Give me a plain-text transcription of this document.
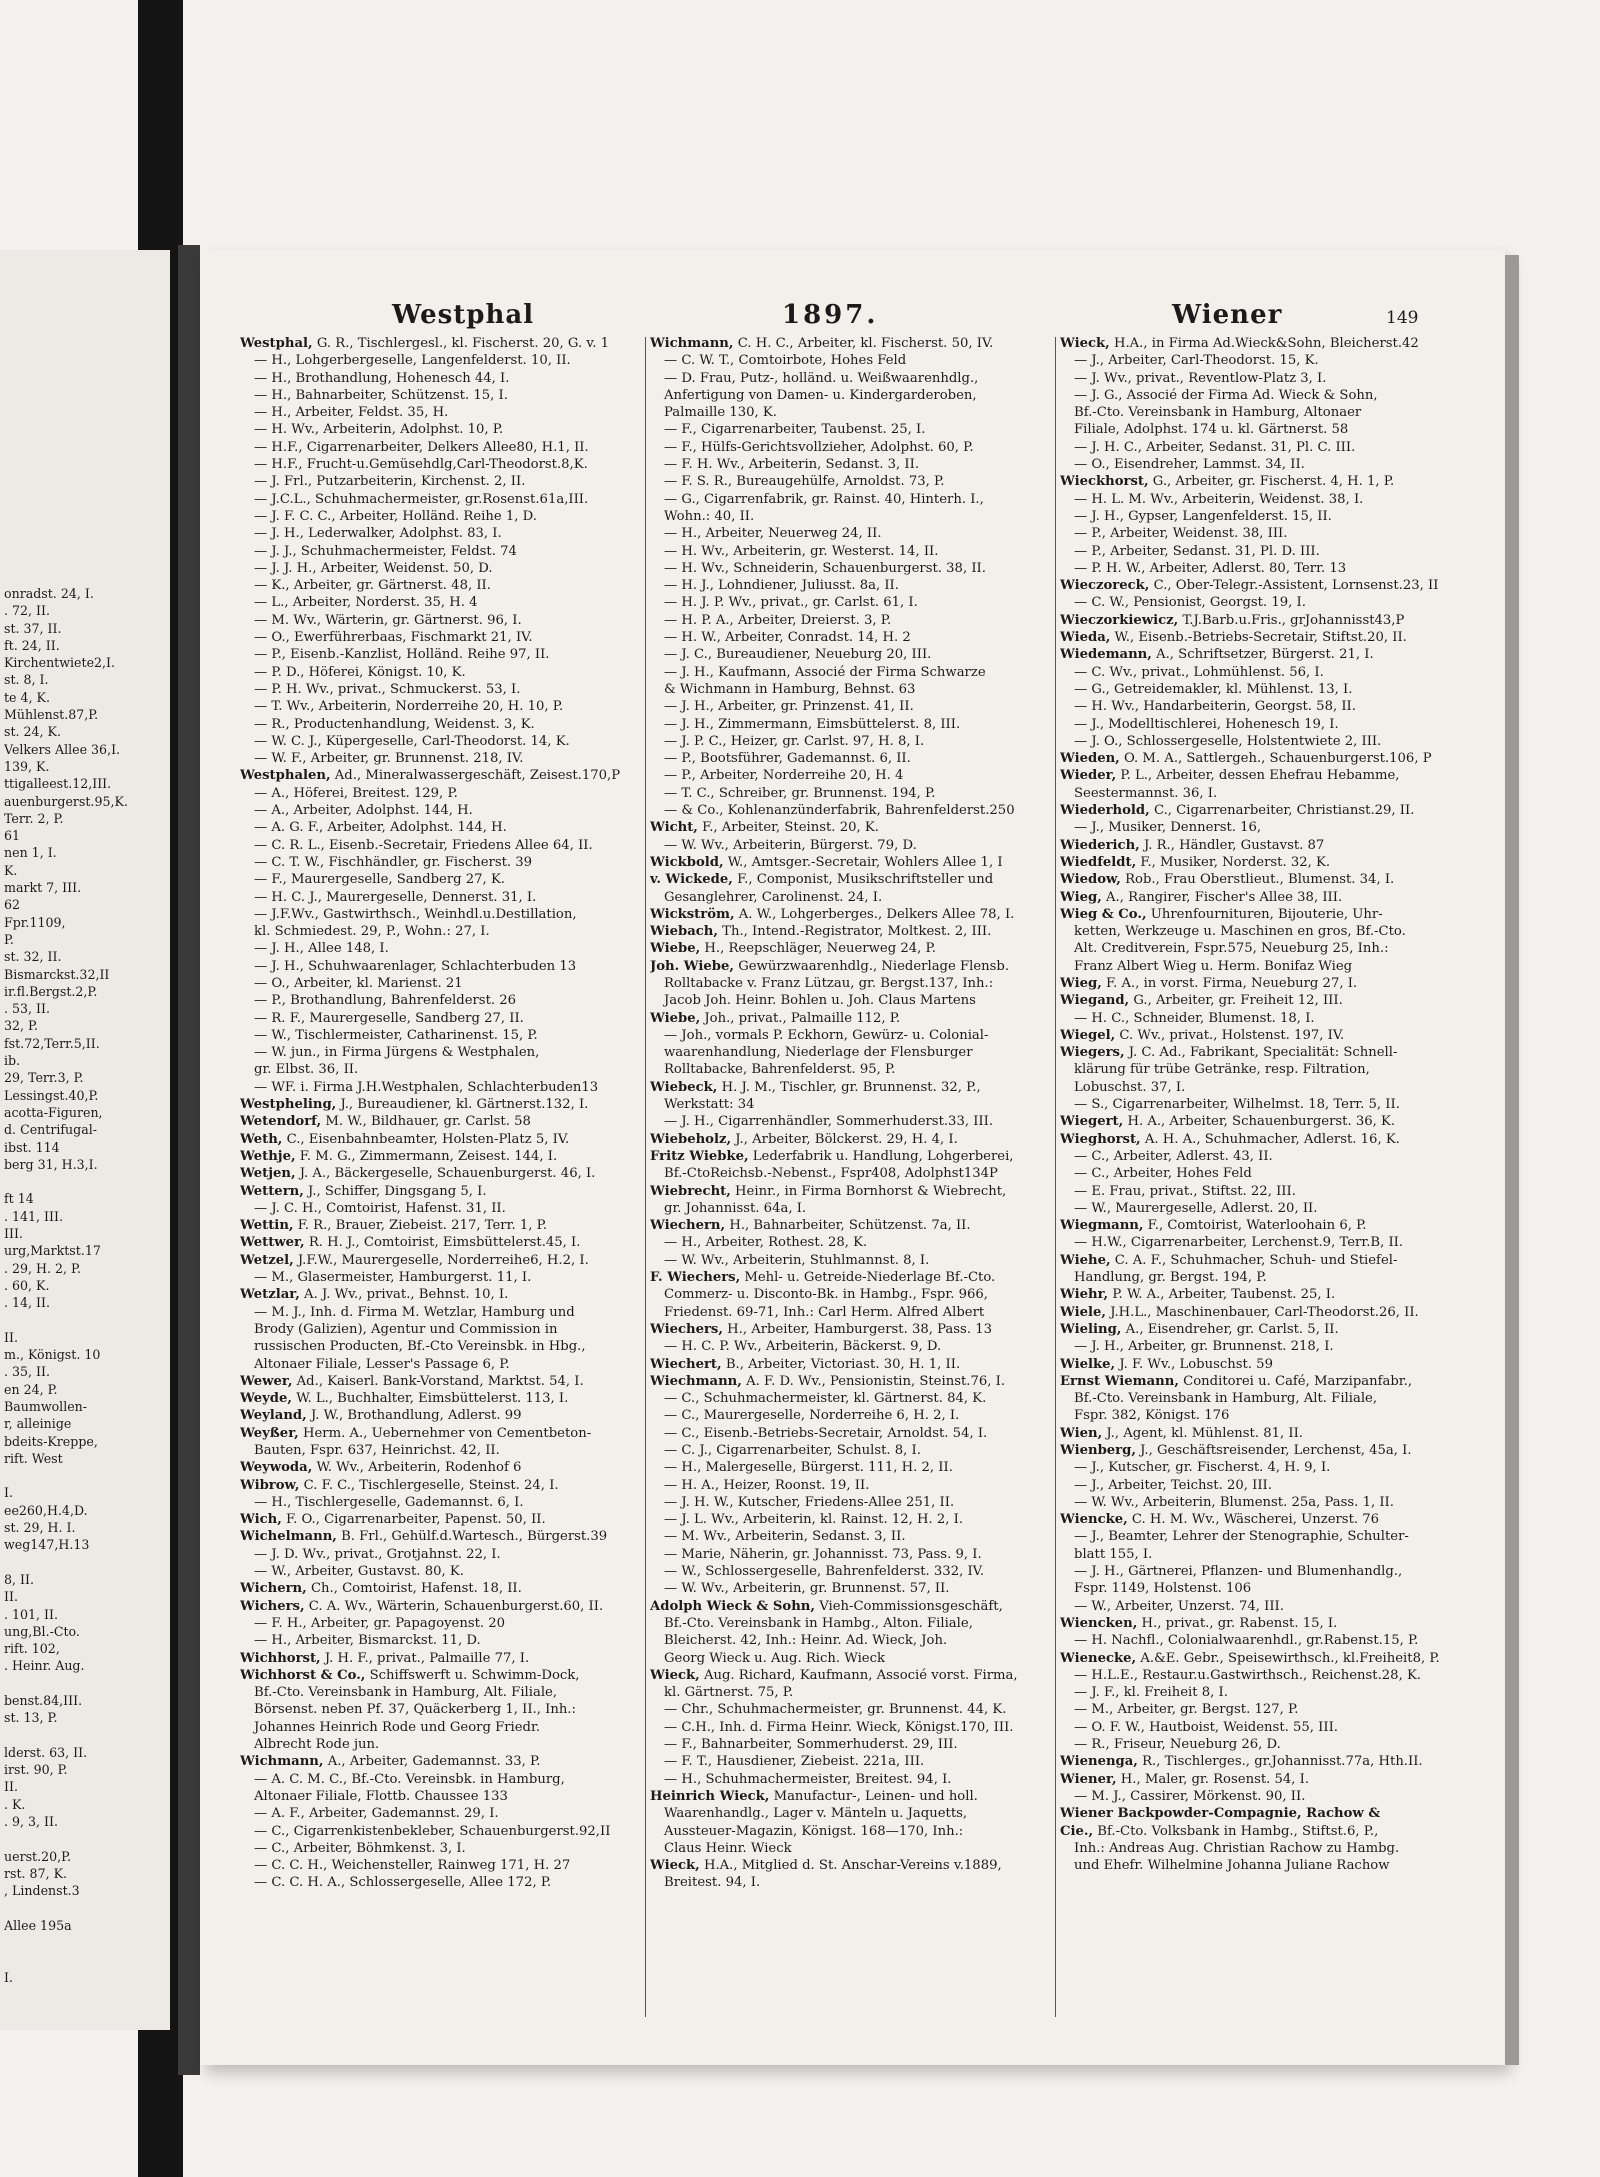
onradst. 24, I.
. 72, II.
st. 37, II.
ft. 24, II.
Kirchentwiete2,I.
st. 8, I.
te 4, K.
Mühlenst.87,P.
st. 24, K.
Velkers Allee 36,I.
139, K.
ttigalleest.12,III.
auenburgerst.95,K.
Terr. 2, P.
61
nen 1, I.
K.
markt 7, III.
62
Fpr.1109,
P.
st. 32, II.
Bismarckst.32,II
ir.fl.Bergst.2,P.
. 53, II.
32, P.
fst.72,Terr.5,II.
ib.
29, Terr.3, P.
Lessingst.40,P.
acotta-Figuren,
d. Centrifugal-
ibst. 114
berg 31, H.3,I.
ft 14
. 141, III.
III.
urg,Marktst.17
. 29, H. 2, P.
. 60, K.
. 14, II.
II.
m., Königst. 10
. 35, II.
en 24, P.
Baumwollen-
r, alleinige
bdeits-Kreppe,
rift. West
I.
ee260,H.4,D.
st. 29, H. I.
weg147,H.13
8, II.
II.
. 101, II.
ung,Bl.-Cto.
rift. 102,
. Heinr. Aug.
benst.84,III.
st. 13, P.
lderst. 63, II.
irst. 90, P.
II.
. K.
. 9, 3, II.
uerst.20,P.
rst. 87, K.
, Lindenst.3
Allee 195a
I.
Westphal	1897.	Wiener	149
Westphal, G. R., Tischlergesl., kl. Fischerst. 20, G. v. 1
— H., Lohgerbergeselle, Langenfelderst. 10, II.
— H., Brothandlung, Hohenesch 44, I.
— H., Bahnarbeiter, Schützenst. 15, I.
— H., Arbeiter, Feldst. 35, H.
— H. Wv., Arbeiterin, Adolphst. 10, P.
— H.F., Cigarrenarbeiter, Delkers Allee80, H.1, II.
— H.F., Frucht-u.Gemüsehdlg,Carl-Theodorst.8,K.
— J. Frl., Putzarbeiterin, Kirchenst. 2, II.
— J.C.L., Schuhmachermeister, gr.Rosenst.61a,III.
— J. F. C. C., Arbeiter, Holländ. Reihe 1, D.
— J. H., Lederwalker, Adolphst. 83, I.
— J. J., Schuhmachermeister, Feldst. 74
— J. J. H., Arbeiter, Weidenst. 50, D.
— K., Arbeiter, gr. Gärtnerst. 48, II.
— L., Arbeiter, Norderst. 35, H. 4
— M. Wv., Wärterin, gr. Gärtnerst. 96, I.
— O., Ewerführerbaas, Fischmarkt 21, IV.
— P., Eisenb.-Kanzlist, Holländ. Reihe 97, II.
— P. D., Höferei, Königst. 10, K.
— P. H. Wv., privat., Schmuckerst. 53, I.
— T. Wv., Arbeiterin, Norderreihe 20, H. 10, P.
— R., Productenhandlung, Weidenst. 3, K.
— W. C. J., Küpergeselle, Carl-Theodorst. 14, K.
— W. F., Arbeiter, gr. Brunnenst. 218, IV.
Westphalen, Ad., Mineralwassergeschäft, Zeisest.170,P
— A., Höferei, Breitest. 129, P.
— A., Arbeiter, Adolphst. 144, H.
— A. G. F., Arbeiter, Adolphst. 144, H.
— C. R. L., Eisenb.-Secretair, Friedens Allee 64, II.
— C. T. W., Fischhändler, gr. Fischerst. 39
— F., Maurergeselle, Sandberg 27, K.
— H. C. J., Maurergeselle, Dennerst. 31, I.
— J.F.Wv., Gastwirthsch., Weinhdl.u.Destillation,
kl. Schmiedest. 29, P., Wohn.: 27, I.
— J. H., Allee 148, I.
— J. H., Schuhwaarenlager, Schlachterbuden 13
— O., Arbeiter, kl. Marienst. 21
— P., Brothandlung, Bahrenfelderst. 26
— R. F., Maurergeselle, Sandberg 27, II.
— W., Tischlermeister, Catharinenst. 15, P.
— W. jun., in Firma Jürgens & Westphalen,
gr. Elbst. 36, II.
— WF. i. Firma J.H.Westphalen, Schlachterbuden13
Westpheling, J., Bureaudiener, kl. Gärtnerst.132, I.
Wetendorf, M. W., Bildhauer, gr. Carlst. 58
Weth, C., Eisenbahnbeamter, Holsten-Platz 5, IV.
Wethje, F. M. G., Zimmermann, Zeisest. 144, I.
Wetjen, J. A., Bäckergeselle, Schauenburgerst. 46, I.
Wettern, J., Schiffer, Dingsgang 5, I.
— J. C. H., Comtoirist, Hafenst. 31, II.
Wettin, F. R., Brauer, Ziebeist. 217, Terr. 1, P.
Wettwer, R. H. J., Comtoirist, Eimsbüttelerst.45, I.
Wetzel, J.F.W., Maurergeselle, Norderreihe6, H.2, I.
— M., Glasermeister, Hamburgerst. 11, I.
Wetzlar, A. J. Wv., privat., Behnst. 10, I.
— M. J., Inh. d. Firma M. Wetzlar, Hamburg und
Brody (Galizien), Agentur und Commission in
russischen Producten, Bf.-Cto Vereinsbk. in Hbg.,
Altonaer Filiale, Lesser's Passage 6, P.
Wewer, Ad., Kaiserl. Bank-Vorstand, Marktst. 54, I.
Weyde, W. L., Buchhalter, Eimsbüttelerst. 113, I.
Weyland, J. W., Brothandlung, Adlerst. 99
Weyßer, Herm. A., Uebernehmer von Cementbeton-
Bauten, Fspr. 637, Heinrichst. 42, II.
Weywoda, W. Wv., Arbeiterin, Rodenhof 6
Wibrow, C. F. C., Tischlergeselle, Steinst. 24, I.
— H., Tischlergeselle, Gademannst. 6, I.
Wich, F. O., Cigarrenarbeiter, Papenst. 50, II.
Wichelmann, B. Frl., Gehülf.d.Wartesch., Bürgerst.39
— J. D. Wv., privat., Grotjahnst. 22, I.
— W., Arbeiter, Gustavst. 80, K.
Wichern, Ch., Comtoirist, Hafenst. 18, II.
Wichers, C. A. Wv., Wärterin, Schauenburgerst.60, II.
— F. H., Arbeiter, gr. Papagoyenst. 20
— H., Arbeiter, Bismarckst. 11, D.
Wichhorst, J. H. F., privat., Palmaille 77, I.
Wichhorst & Co., Schiffswerft u. Schwimm-Dock,
Bf.-Cto. Vereinsbank in Hamburg, Alt. Filiale,
Börsenst. neben Pf. 37, Quäckerberg 1, II., Inh.:
Johannes Heinrich Rode und Georg Friedr.
Albrecht Rode jun.
Wichmann, A., Arbeiter, Gademannst. 33, P.
— A. C. M. C., Bf.-Cto. Vereinsbk. in Hamburg,
Altonaer Filiale, Flottb. Chaussee 133
— A. F., Arbeiter, Gademannst. 29, I.
— C., Cigarrenkistenbekleber, Schauenburgerst.92,II
— C., Arbeiter, Böhmkenst. 3, I.
— C. C. H., Weichensteller, Rainweg 171, H. 27
— C. C. H. A., Schlossergeselle, Allee 172, P.
Wichmann, C. H. C., Arbeiter, kl. Fischerst. 50, IV.
— C. W. T., Comtoirbote, Hohes Feld
— D. Frau, Putz-, holländ. u. Weißwaarenhdlg.,
Anfertigung von Damen- u. Kindergarderoben,
Palmaille 130, K.
— F., Cigarrenarbeiter, Taubenst. 25, I.
— F., Hülfs-Gerichtsvollzieher, Adolphst. 60, P.
— F. H. Wv., Arbeiterin, Sedanst. 3, II.
— F. S. R., Bureaugehülfe, Arnoldst. 73, P.
— G., Cigarrenfabrik, gr. Rainst. 40, Hinterh. I.,
Wohn.: 40, II.
— H., Arbeiter, Neuerweg 24, II.
— H. Wv., Arbeiterin, gr. Westerst. 14, II.
— H. Wv., Schneiderin, Schauenburgerst. 38, II.
— H. J., Lohndiener, Juliusst. 8a, II.
— H. J. P. Wv., privat., gr. Carlst. 61, I.
— H. P. A., Arbeiter, Dreierst. 3, P.
— H. W., Arbeiter, Conradst. 14, H. 2
— J. C., Bureaudiener, Neueburg 20, III.
— J. H., Kaufmann, Associé der Firma Schwarze
& Wichmann in Hamburg, Behnst. 63
— J. H., Arbeiter, gr. Prinzenst. 41, II.
— J. H., Zimmermann, Eimsbüttelerst. 8, III.
— J. P. C., Heizer, gr. Carlst. 97, H. 8, I.
— P., Bootsführer, Gademannst. 6, II.
— P., Arbeiter, Norderreihe 20, H. 4
— T. C., Schreiber, gr. Brunnenst. 194, P.
— & Co., Kohlenanzünderfabrik, Bahrenfelderst.250
Wicht, F., Arbeiter, Steinst. 20, K.
— W. Wv., Arbeiterin, Bürgerst. 79, D.
Wickbold, W., Amtsger.-Secretair, Wohlers Allee 1, I
v. Wickede, F., Componist, Musikschriftsteller und
Gesanglehrer, Carolinenst. 24, I.
Wickström, A. W., Lohgerberges., Delkers Allee 78, I.
Wiebach, Th., Intend.-Registrator, Moltkest. 2, III.
Wiebe, H., Reepschläger, Neuerweg 24, P.
Joh. Wiebe, Gewürzwaarenhdlg., Niederlage Flensb.
Rolltabacke v. Franz Lützau, gr. Bergst.137, Inh.:
Jacob Joh. Heinr. Bohlen u. Joh. Claus Martens
Wiebe, Joh., privat., Palmaille 112, P.
— Joh., vormals P. Eckhorn, Gewürz- u. Colonial-
waarenhandlung, Niederlage der Flensburger
Rolltabacke, Bahrenfelderst. 95, P.
Wiebeck, H. J. M., Tischler, gr. Brunnenst. 32, P.,
Werkstatt: 34
— J. H., Cigarrenhändler, Sommerhuderst.33, III.
Wiebeholz, J., Arbeiter, Bölckerst. 29, H. 4, I.
Fritz Wiebke, Lederfabrik u. Handlung, Lohgerberei,
Bf.-CtoReichsb.-Nebenst., Fspr408, Adolphst134P
Wiebrecht, Heinr., in Firma Bornhorst & Wiebrecht,
gr. Johannisst. 64a, I.
Wiechern, H., Bahnarbeiter, Schützenst. 7a, II.
— H., Arbeiter, Rothest. 28, K.
— W. Wv., Arbeiterin, Stuhlmannst. 8, I.
F. Wiechers, Mehl- u. Getreide-Niederlage Bf.-Cto.
Commerz- u. Disconto-Bk. in Hambg., Fspr. 966,
Friedenst. 69-71, Inh.: Carl Herm. Alfred Albert
Wiechers, H., Arbeiter, Hamburgerst. 38, Pass. 13
— H. C. P. Wv., Arbeiterin, Bäckerst. 9, D.
Wiechert, B., Arbeiter, Victoriast. 30, H. 1, II.
Wiechmann, A. F. D. Wv., Pensionistin, Steinst.76, I.
— C., Schuhmachermeister, kl. Gärtnerst. 84, K.
— C., Maurergeselle, Norderreihe 6, H. 2, I.
— C., Eisenb.-Betriebs-Secretair, Arnoldst. 54, I.
— C. J., Cigarrenarbeiter, Schulst. 8, I.
— H., Malergeselle, Bürgerst. 111, H. 2, II.
— H. A., Heizer, Roonst. 19, II.
— J. H. W., Kutscher, Friedens-Allee 251, II.
— J. L. Wv., Arbeiterin, kl. Rainst. 12, H. 2, I.
— M. Wv., Arbeiterin, Sedanst. 3, II.
— Marie, Näherin, gr. Johannisst. 73, Pass. 9, I.
— W., Schlossergeselle, Bahrenfelderst. 332, IV.
— W. Wv., Arbeiterin, gr. Brunnenst. 57, II.
Adolph Wieck & Sohn, Vieh-Commissionsgeschäft,
Bf.-Cto. Vereinsbank in Hambg., Alton. Filiale,
Bleicherst. 42, Inh.: Heinr. Ad. Wieck, Joh.
Georg Wieck u. Aug. Rich. Wieck
Wieck, Aug. Richard, Kaufmann, Associé vorst. Firma,
kl. Gärtnerst. 75, P.
— Chr., Schuhmachermeister, gr. Brunnenst. 44, K.
— C.H., Inh. d. Firma Heinr. Wieck, Königst.170, III.
— F., Bahnarbeiter, Sommerhuderst. 29, III.
— F. T., Hausdiener, Ziebeist. 221a, III.
— H., Schuhmachermeister, Breitest. 94, I.
Heinrich Wieck, Manufactur-, Leinen- und holl.
Waarenhandlg., Lager v. Mänteln u. Jaquetts,
Aussteuer-Magazin, Königst. 168—170, Inh.:
Claus Heinr. Wieck
Wieck, H.A., Mitglied d. St. Anschar-Vereins v.1889,
Breitest. 94, I.
Wieck, H.A., in Firma Ad.Wieck&Sohn, Bleicherst.42
— J., Arbeiter, Carl-Theodorst. 15, K.
— J. Wv., privat., Reventlow-Platz 3, I.
— J. G., Associé der Firma Ad. Wieck & Sohn,
Bf.-Cto. Vereinsbank in Hamburg, Altonaer
Filiale, Adolphst. 174 u. kl. Gärtnerst. 58
— J. H. C., Arbeiter, Sedanst. 31, Pl. C. III.
— O., Eisendreher, Lammst. 34, II.
Wieckhorst, G., Arbeiter, gr. Fischerst. 4, H. 1, P.
— H. L. M. Wv., Arbeiterin, Weidenst. 38, I.
— J. H., Gypser, Langenfelderst. 15, II.
— P., Arbeiter, Weidenst. 38, III.
— P., Arbeiter, Sedanst. 31, Pl. D. III.
— P. H. W., Arbeiter, Adlerst. 80, Terr. 13
Wieczoreck, C., Ober-Telegr.-Assistent, Lornsenst.23, II
— C. W., Pensionist, Georgst. 19, I.
Wieczorkiewicz, T.J.Barb.u.Fris., grJohannisst43,P
Wieda, W., Eisenb.-Betriebs-Secretair, Stiftst.20, II.
Wiedemann, A., Schriftsetzer, Bürgerst. 21, I.
— C. Wv., privat., Lohmühlenst. 56, I.
— G., Getreidemakler, kl. Mühlenst. 13, I.
— H. Wv., Handarbeiterin, Georgst. 58, II.
— J., Modelltischlerei, Hohenesch 19, I.
— J. O., Schlossergeselle, Holstentwiete 2, III.
Wieden, O. M. A., Sattlergeh., Schauenburgerst.106, P
Wieder, P. L., Arbeiter, dessen Ehefrau Hebamme,
Seestermannst. 36, I.
Wiederhold, C., Cigarrenarbeiter, Christianst.29, II.
— J., Musiker, Dennerst. 16,
Wiederich, J. R., Händler, Gustavst. 87
Wiedfeldt, F., Musiker, Norderst. 32, K.
Wiedow, Rob., Frau Oberstlieut., Blumenst. 34, I.
Wieg, A., Rangirer, Fischer's Allee 38, III.
Wieg & Co., Uhrenfournituren, Bijouterie, Uhr-
ketten, Werkzeuge u. Maschinen en gros, Bf.-Cto.
Alt. Creditverein, Fspr.575, Neueburg 25, Inh.:
Franz Albert Wieg u. Herm. Bonifaz Wieg
Wieg, F. A., in vorst. Firma, Neueburg 27, I.
Wiegand, G., Arbeiter, gr. Freiheit 12, III.
— H. C., Schneider, Blumenst. 18, I.
Wiegel, C. Wv., privat., Holstenst. 197, IV.
Wiegers, J. C. Ad., Fabrikant, Specialität: Schnell-
klärung für trübe Getränke, resp. Filtration,
Lobuschst. 37, I.
— S., Cigarrenarbeiter, Wilhelmst. 18, Terr. 5, II.
Wiegert, H. A., Arbeiter, Schauenburgerst. 36, K.
Wieghorst, A. H. A., Schuhmacher, Adlerst. 16, K.
— C., Arbeiter, Adlerst. 43, II.
— C., Arbeiter, Hohes Feld
— E. Frau, privat., Stiftst. 22, III.
— W., Maurergeselle, Adlerst. 20, II.
Wiegmann, F., Comtoirist, Waterloohain 6, P.
— H.W., Cigarrenarbeiter, Lerchenst.9, Terr.B, II.
Wiehe, C. A. F., Schuhmacher, Schuh- und Stiefel-
Handlung, gr. Bergst. 194, P.
Wiehr, P. W. A., Arbeiter, Taubenst. 25, I.
Wiele, J.H.L., Maschinenbauer, Carl-Theodorst.26, II.
Wieling, A., Eisendreher, gr. Carlst. 5, II.
— J. H., Arbeiter, gr. Brunnenst. 218, I.
Wielke, J. F. Wv., Lobuschst. 59
Ernst Wiemann, Conditorei u. Café, Marzipanfabr.,
Bf.-Cto. Vereinsbank in Hamburg, Alt. Filiale,
Fspr. 382, Königst. 176
Wien, J., Agent, kl. Mühlenst. 81, II.
Wienberg, J., Geschäftsreisender, Lerchenst, 45a, I.
— J., Kutscher, gr. Fischerst. 4, H. 9, I.
— J., Arbeiter, Teichst. 20, III.
— W. Wv., Arbeiterin, Blumenst. 25a, Pass. 1, II.
Wiencke, C. H. M. Wv., Wäscherei, Unzerst. 76
— J., Beamter, Lehrer der Stenographie, Schulter-
blatt 155, I.
— J. H., Gärtnerei, Pflanzen- und Blumenhandlg.,
Fspr. 1149, Holstenst. 106
— W., Arbeiter, Unzerst. 74, III.
Wiencken, H., privat., gr. Rabenst. 15, I.
— H. Nachfl., Colonialwaarenhdl., gr.Rabenst.15, P.
Wienecke, A.&E. Gebr., Speisewirthsch., kl.Freiheit8, P.
— H.L.E., Restaur.u.Gastwirthsch., Reichenst.28, K.
— J. F., kl. Freiheit 8, I.
— M., Arbeiter, gr. Bergst. 127, P.
— O. F. W., Hautboist, Weidenst. 55, III.
— R., Friseur, Neueburg 26, D.
Wienenga, R., Tischlerges., gr.Johannisst.77a, Hth.II.
Wiener, H., Maler, gr. Rosenst. 54, I.
— M. J., Cassirer, Mörkenst. 90, II.
Wiener Backpowder-Compagnie, Rachow &
Cie., Bf.-Cto. Volksbank in Hambg., Stiftst.6, P.,
Inh.: Andreas Aug. Christian Rachow zu Hambg.
und Ehefr. Wilhelmine Johanna Juliane Rachow
